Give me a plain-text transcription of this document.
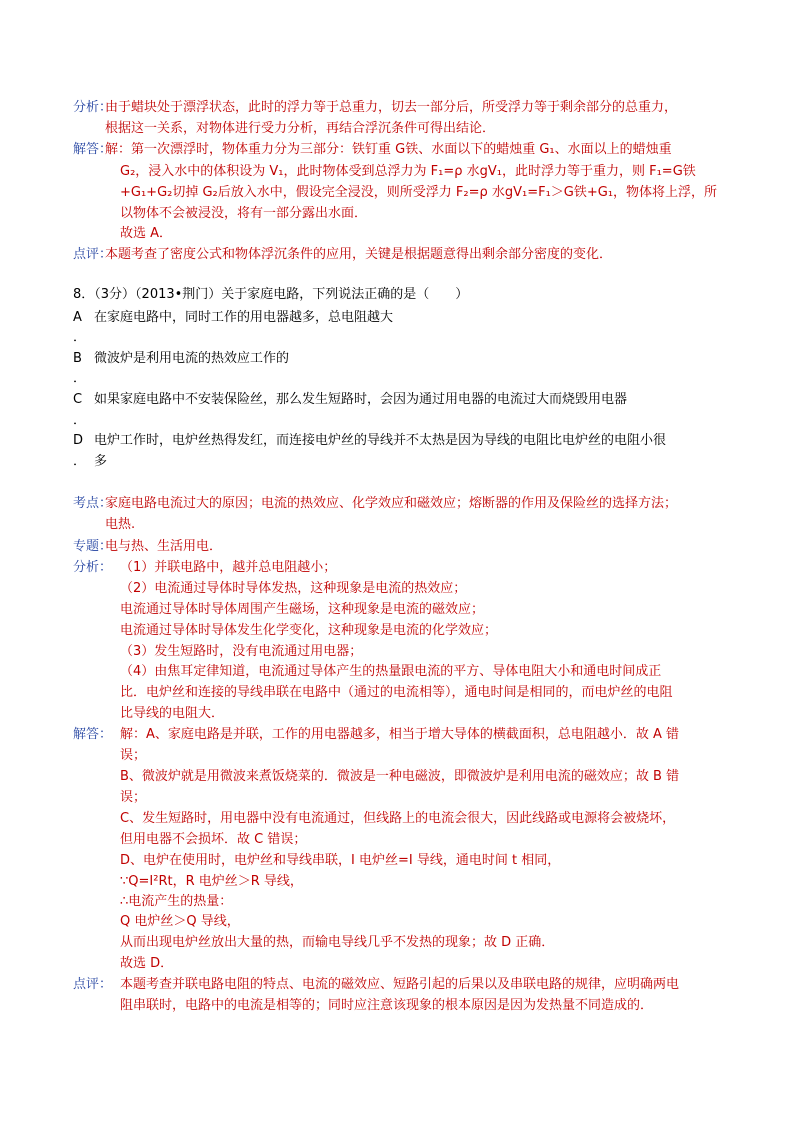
分析：
由于蜡块处于漂浮状态，此时的浮力等于总重力，切去一部分后，所受浮力等于剩余部分的总重力，
根据这一关系，对物体进行受力分析，再结合浮沉条件可得出结论．
解答：
解：第一次漂浮时，物体重力分为三部分：铁钉重 G铁、水面以下的蜡烛重 G₁、水面以上的蜡烛重
G₂，浸入水中的体积设为 V₁，此时物体受到总浮力为 F₁=ρ 水gV₁，此时浮力等于重力，则 F₁=G铁
+G₁+G₂切掉 G₂后放入水中，假设完全浸没，则所受浮力 F₂=ρ 水gV₁=F₁＞G铁+G₁，物体将上浮，所
以物体不会被浸没，将有一部分露出水面．
故选 A．
点评：
本题考查了密度公式和物体浮沉条件的应用，关键是根据题意得出剩余部分密度的变化．
8．（3分）（2013•荆门）关于家庭电路，下列说法正确的是（　　）
A 在家庭电路中，同时工作的用电器越多，总电阻越大
．
B 微波炉是利用电流的热效应工作的
．
C 如果家庭电路中不安装保险丝，那么发生短路时，会因为通过用电器的电流过大而烧毁用电器
．
D 电炉工作时，电炉丝热得发红，而连接电炉丝的导线并不太热是因为导线的电阻比电炉丝的电阻小很
． 多
考点：
家庭电路电流过大的原因；电流的热效应、化学效应和磁效应；熔断器的作用及保险丝的选择方法；
电热.
专题：
电与热、生活用电．
分析： （1）并联电路中，越并总电阻越小；
（2）电流通过导体时导体发热，这种现象是电流的热效应；
电流通过导体时导体周围产生磁场，这种现象是电流的磁效应；
电流通过导体时导体发生化学变化，这种现象是电流的化学效应；
（3）发生短路时，没有电流通过用电器；
（4）由焦耳定律知道，电流通过导体产生的热量跟电流的平方、导体电阻大小和通电时间成正
比．电炉丝和连接的导线串联在电路中（通过的电流相等），通电时间是相同的，而电炉丝的电阻
比导线的电阻大．
解答： 解：A、家庭电路是并联，工作的用电器越多，相当于增大导体的横截面积，总电阻越小．故 A 错
误；
B、微波炉就是用微波来煮饭烧菜的．微波是一种电磁波，即微波炉是利用电流的磁效应；故 B 错
误；
C、发生短路时，用电器中没有电流通过，但线路上的电流会很大，因此线路或电源将会被烧坏，
但用电器不会损坏．故 C 错误；
D、电炉在使用时，电炉丝和导线串联，I 电炉丝=I 导线，通电时间 t 相同，
∵Q=I²Rt，R 电炉丝＞R 导线，
∴电流产生的热量：
Q 电炉丝＞Q 导线，
从而出现电炉丝放出大量的热，而输电导线几乎不发热的现象；故 D 正确．
故选 D．
点评： 本题考查并联电路电阻的特点、电流的磁效应、短路引起的后果以及串联电路的规律，应明确两电
阻串联时，电路中的电流是相等的；同时应注意该现象的根本原因是因为发热量不同造成的．
